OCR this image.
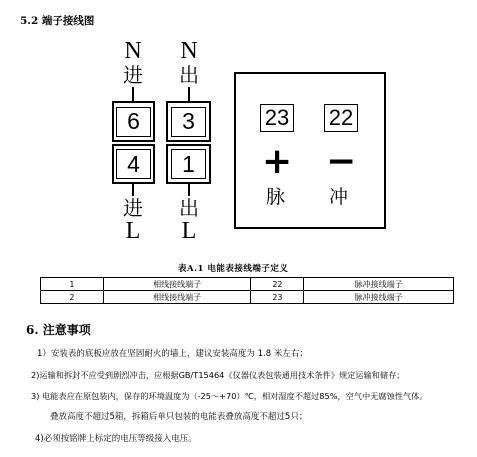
5.2 端子接线图
N
进
6
4
进
L
N
出
3
1
出
L
23 22
+ −
脉 冲
表A.1 电能表接线端子定义
1	相线接线端子	22	脉冲接线端子
2	相线接线端子	23	脉冲接线端子
6. 注意事项
1）安装表的底板应放在坚固耐火的墙上，建议安装高度为 1.8 米左右；
2)运输和拆封不应受到剧烈冲击，应根据GB/T15464《仪器仪表包装通用技术条件》规定运输和储存；
3) 电能表应在原包装内，保存的环境温度为（-25〜+70）℃，相对湿度不超过85%，空气中无腐蚀性气体。
叠放高度不超过5箱，拆箱后单只包装的电能表叠放高度不超过5只；
4)必须按铭牌上标定的电压等级接入电压。
